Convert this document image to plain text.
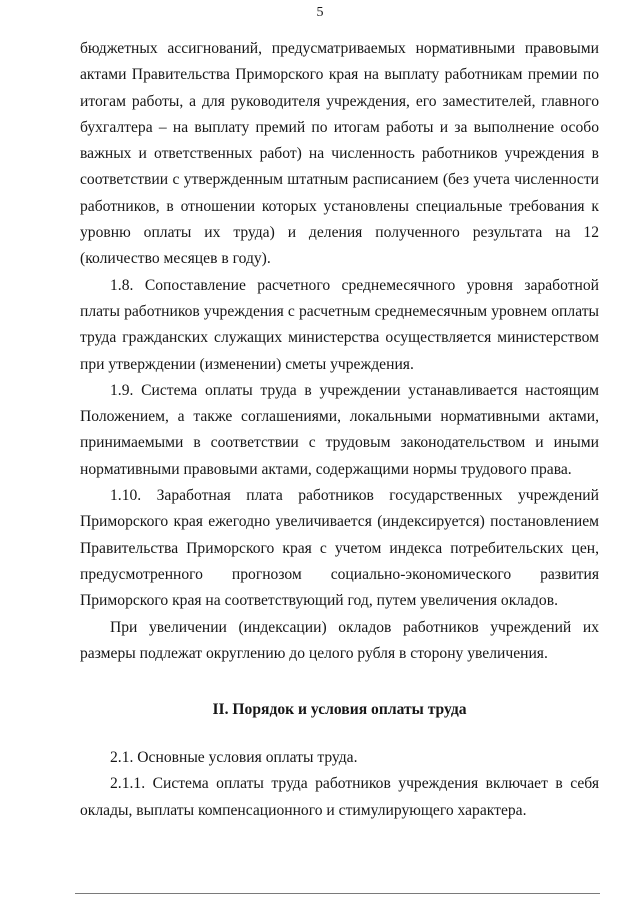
5

бюджетных ассигнований, предусматриваемых нормативными правовыми актами Правительства Приморского края на выплату работникам премии по итогам работы, а для руководителя учреждения, его заместителей, главного бухгалтера – на выплату премий по итогам работы и за выполнение особо важных и ответственных работ) на численность работников учреждения в соответствии с утвержденным штатным расписанием (без учета численности работников, в отношении которых установлены специальные требования к уровню оплаты их труда) и деления полученного результата на 12 (количество месяцев в году).

1.8. Сопоставление расчетного среднемесячного уровня заработной платы работников учреждения с расчетным среднемесячным уровнем оплаты труда гражданских служащих министерства осуществляется министерством при утверждении (изменении) сметы учреждения.

1.9. Система оплаты труда в учреждении устанавливается настоящим Положением, а также соглашениями, локальными нормативными актами, принимаемыми в соответствии с трудовым законодательством и иными нормативными правовыми актами, содержащими нормы трудового права.

1.10. Заработная плата работников государственных учреждений Приморского края ежегодно увеличивается (индексируется) постановлением Правительства Приморского края с учетом индекса потребительских цен, предусмотренного прогнозом социально-экономического развития Приморского края на соответствующий год, путем увеличения окладов.

При увеличении (индексации) окладов работников учреждений их размеры подлежат округлению до целого рубля в сторону увеличения.

II. Порядок и условия оплаты труда

2.1. Основные условия оплаты труда.

2.1.1. Система оплаты труда работников учреждения включает в себя оклады, выплаты компенсационного и стимулирующего характера.
